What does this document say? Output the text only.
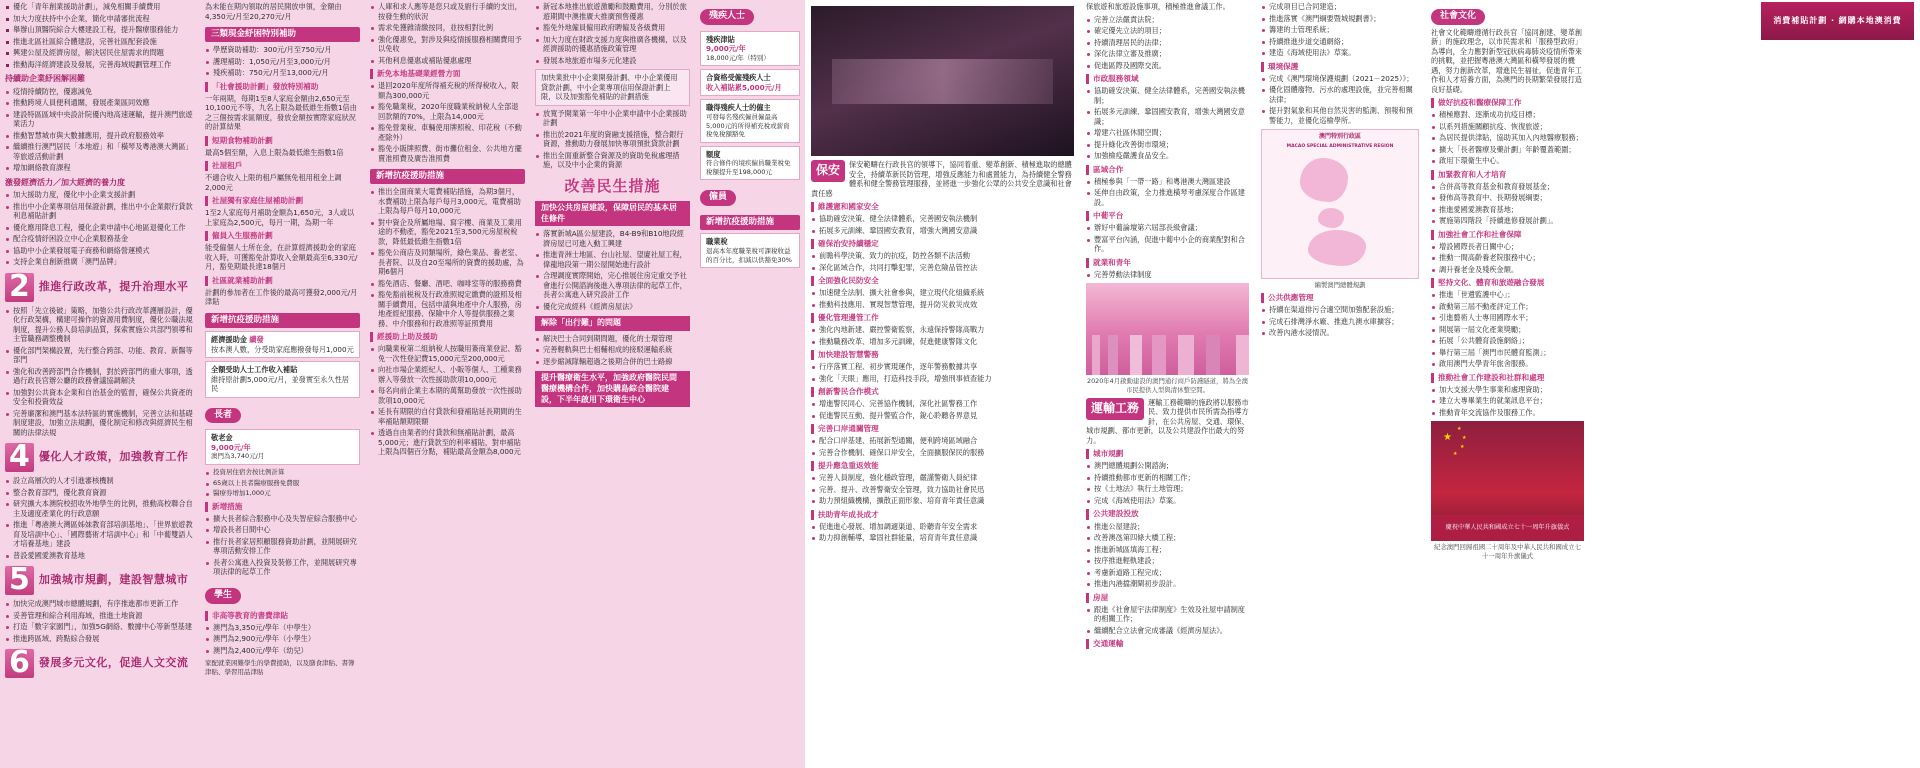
優化「青年創業援助計劃」，減免相關手續費用
加大力度扶持中小企業，簡化申請審批流程
舉辦山頂醫院綜合大樓建設工程，提升醫療服務能力
推進北區社區綜合體建設，完善社區配套設施
興建公屋及經濟房屋，解決居民住屋需求的問題
推動海洋經濟建設及發展，完善海域規劃管理工作
持續助企業紓困解困難
疫情持續防控，優惠減免
推動跨境人員便利通關，發展產業區同效應
建設特區區域中央設計院優內地高速運輸，提升澳門旅遊業活力
推動智慧城市與大數據應用，提升政府服務效率
繼續推行澳門居民「本地遊」和「橫琴及粵港澳大灣區」等旅遊活動計劃
增加網絡教育課程
激發經濟活力／加大經濟的養力度
加大援助力度，優化中小企業支援計劃
推出中小企業專項信用保證計劃，推出中小企業銀行貸款利息補貼計劃
優化應用降息工程，優化企業申請中心地區退優化工作
配合疫情紓困設立中心企業服務基金
協助中小企業發展電子商務和網絡營運模式
支持企業自創新推廣「澳門品牌」
2 推進行政改革，提升治理水平
按照「先立後破」策略，加強公共行政改革護層設計，優化行政架構，構建可操作的資源用費制度，優化公職法規制度，提升公務人員培訓品質，探索實施公共部門領導和主管職務調整機制
優化部門架構設置，先行整合跨部、功能、教育、新醫等部門
強化和改善跨部門合作機制，對於跨部門的重大事項，透過行政長官辦公廳的政務會議協調解決
加強對公共資本企業和自治基金的監督，確保公共資產的安全和投資效益
完善廉潔和澳門基本法特區的實施機制，完善立法和基礎制度建設，加強立法規劃，優化制定和修改與經濟民生相關的法律法規
4 優化人才政策，加強教育工作
設立高層次的人才引進審核機制
整合教育部門，優化教育資源
研究擴大本澳院校招收外地學生的比例，推動高校聯合自主及適度產業化的行政意願
推進「粵港澳大灣區姊妹教育部培訓基地」、「世界旅遊教育及培訓中心」、「國際藝術才培訓中心」和「中葡雙語人才培養基地」建設
普設愛國愛澳教育基地
5 加強城市規劃，建設智慧城市
加快完成澳門城市總體規劃，有序推進都市更新工作
妥善管理和綜合利用海域，推進土地資源
打造「數字家園門」，加強5G網絡、數據中心等新型基建
推進跨區域、跨點綜合發展
6 發展多元文化，促進人文交流

為未能在期內領取的居民開放申領，金額由4,350元/月至20,270元/月

三類現金紓困特別補助
學歷資助補助：300元/月至750元/月
護理補助：1,050元/月至3,000元/月
殘疾補助：750元/月至13,000元/月
「社會援助計劃」發放特別補助

一年兩期，每期1至8人家庭金額由2,650元至10,100元不等，九名上限為最低維生指數1倍由之三個按需求區額度，發放金額按實際家庭狀況的計算結果

短期食物補助計劃

最高5個至額，入息上限為最低維生指數1倍

社屋租戶

不適合收入上限的租戶屬無免租用租金上調2,000元

社屋獨有家庭住屋補助計劃

1至2人家庭每月補助金額為1,650元，3人或以上家庭為2,500元，每月一期，為期一年

僱員入生服務計劃

能受僱個人士所在金，在計算經濟援助金的家庭收入時，可獲豁免計算收入金額最高至6,330元/月，豁免期最長達18個月

社區就業補助計劃

計劃的參加者在工作後的最高可獲發2,000元/月津貼

新增抗疫援助措施
經濟援助金 續發
按本澳人數，分受助家庭應撥發每月1,000元
全額受助人士工作收入補貼
維持原計劃5,000元/月，並發實至永久性居民
長者
敬老金
9,000元/年
澳門為3,740元/月
投資居住宿舍按比例計算
65歲以上長者醫療服務免費服
醫療券增加1,000元
新增措施
擴大長者綜合服務中心及失智症綜合服務中心
增設長者日間中心
推行長者家居照顧服務資助計劃，並開展研究專項活動安排工作
長者公寓進入投資及裝修工作，並開展研究專項法律的起草工作
學生
非高等教育的書費津貼
澳門為3,350元/學年（中學生）
澳門為2,900元/學年（小學生）
澳門為2,400元/學年（幼兒）

家配就業困難學生的學費援助，以及膳食津貼、書簿津貼、學習用品津貼

人庫和求人應等是您只或及廚行手續的支出，按發生動的狀況
需求免獲雜清繳按同，並按相對比例
強化優惠免，對涉及與疫情援服務相關費用予以免收
其他利息優惠或補貼優惠處理
新免本地基礎業經營方面
退回2020年度所得補充稅的所得稅收入，限額為300,000元
豁免職業稅，2020年度職業稅納稅人全部退回款額的70%，上限為14,000元
豁免營業稅、車輛使用牌照稅、印花稅（不動產除外）
豁免小販牌照費、街市攤位租金、公共地方擺賣准照費及廣告准照費
新增抗疫援助措施
推出全面商業大電費補貼措施，為期3個月，水費補助上限為每戶每月3,000元，電費補助上限為每戶每月10,000元
對中資企及所屬地場、寫字樓、商業及工業用途的不動產，豁免2021至3,500元房屋稅稅款，降低最低維生指數1倍
豁免公商店及同類場所，綠色業品、養老室、長者院、以及自20至場所的資費的援助處，為期6個月
豁免酒店、餐廳、酒吧、咖啡室等的服務務費
豁免豁前税稅及行政准照規定繳費的證照及相關手續費用，包括申請與地產中介人服務，房地產經紀服務、保險中介人等提供服務之業務、中介服務和行政准照等証照費用
經援助上助及援助
向職業稅第二組納稅人按職用簽商業登記、豁免一次性登記費15,000元至200,000元
向社市場企業經紀人、小販等個人、工種業務辦入等發放一次性援助款項10,000元
每名向前企業主本期的萬幫助發放一次性援助款項10,000元
延長有期限的自付貸款和發補貼延長期間的生率補貼額期限額
透過自由業者的付貸款和無補貼計劃，最高5,000元；進行貸款至的利率補貼，對申補貼上限為四個百分點，補貼最高金額為8,000元
新冠本地推出旅遊激勵和鼓勵費用，分別於旅遊期間中澳推廣大推廣預售優惠
豁免外地僱員僱用政府聘僱及各級費用
加大力度在財政支援力度與推廣各機構，以及經濟援助的優惠措施政策管理
發展本地旅遊市場多元化建設
加快業批中小企業開發計劃、中小企業優用貸款計劃，中小企業專項信用保證計劃上限，以及加強豁免補貼的計劃措施
放寬予開業第一年中小企業申請中小企業援助計劃
推出於2021年度的資融支援措施，整合銀行資源，推動助力發展加快專項預批貸款計劃
推出全面重新整合資源及的資助免稅處理措施，以及中小企業的資源
改善民生措施
加快公共房屋建設，保障居民的基本居住條件
落實新城A區公屋建設，B4-B9和B10地段經濟房屋已可進入動工興建
推進青洲士地區、台山社屋、望廈社屋工程，偉龍地段第一期公屋開始進行設計
合理調度實際開始，完心推展住房定重交予社會進行公開諮詢後進入專項法律的起草工作，長者公寓進入研究設計工作
優化完成經科《經濟房屋法》
解除「出行難」的問題
解決巴士合同到期問題，優化的士環管理
完善輕軌與巴士相輔相成的接駁運輸系統
逐步縮減隊輛超過之後期合併的巴士路線
提升醫療衛生水平，加強政府醫院民間醫療機構合作，加快購島綜合醫院建設，下半年啟用下環衛生中心
殘疾人士
殘疾津貼
9,000元/年
18,000元/年（特別）
合資格受僱殘疾人士
收入補貼累5,000元/月
職得殘疾人士的僱主
可發每名殘疾僱員僱最高5,000元的所得補充稅或薪資稅免稅額豁免
額度
符合條件的境疾僱員職業稅免稅額提升至198,000元
僱員
新增抗疫援助措施
職業稅
退高本年度職業稅可課稅收益的百分比，扣減以供豁免30%
保安	保安範疇在行政長官的領導下，協同着重、變革創新、積極進取的總體安全，持續革新民防管理，增強反應能力和處置能力，為持續健全警務體系和健全警務管理服務，並將進一步強化公眾的公共安全意識和社會責任感
維護憲和國家安全
協助確安決策、健全法律體系，完善國安執法機制
拓展多元訓練、鞏固國安教育，增強大灣國安意識
確保治安持續穩定
前瞻科學決策、致力的抗疫，防控各類不法活動
深化區域合作，共同打擊犯罪，完善危險品管控法
全面強化民防安全
加速健全法制、擴大社會參與，建立現代化組織系統
推動科技應用、實現智慧管理，提升防災救災成效
優化管理邊管工作
強化內地新建、嚴控警衛監察，永遠保持警隊高戰力
推動職務改革、增加多元訓練，促進健康警隊文化
加快建設智慧警務
行序落實工程、初步實現運作，逐年警務數據共享
強化「天眼」應用，打造科技手段，增強刑事偵查能力
創新警民合作模式
增進警民同心、完善協作機制，深化社區警務工作
促進警民互動、提升警監合作，銳心聆聽各界意見
完善口岸通關管理
配合口岸基建、拓展新型通關，便利跨境區域融合
完善合作機制、確保口岸安全，全面擴服保民的服務
提升應急重返效能
完善人員制度，強化穩政管理，嚴謹警衛人員紀律
完善、提升、改善警衛安全管理，致力協助社會民迅
助力預組織機構，擴散正面形象、培育青年責任意識
扶助青年成長成才
促進進心發展、增加調適渠道、聆聽青年安全需求
助力抑創輔導，鞏固社群能量，培育青年責任意識

保旅遊和旅遊設施事項，積極推進會議工作。

完善立法嚴責法院；
確定優先立法的項目；
持續清理居民的法律；
深化法律立審及推廣；
促進區際及國際交流。
市政服務領域
協助確安決策、健全法律體系，完善國安執法機制；
拓展多元訓練、鞏固國安教育，增強大灣國安意識；
增建六社區休閒空間；
提升綠化改善街市環境；
加強檢疫嚴護食品安全。
區域合作
積極參與「一帶一路」和粵港澳大灣區建設
延伸自由政策，全力推進橫琴考慮深度合作區建設。
中葡平台
辦好中葡論壇第六屆部長級會議；
豐富平台內涵，促進中葡中小企的商業配對和合作。
就業和青年
完善勞動法律制度
2020年4月啟動建設的澳門通行商戶防護隧道，將為全澳市民提供人型與清休整空間。
運輸工務	運輸工務範疇的施政將以服務市民、致力提供市民所需為指導方針，在公共房屋、交通、環保、城市規劃、都市更新，以及公共建設作出最大的努力。
城市規劃
澳門總體規劃公開諮詢；
持續推動都市更新的相關工作；
按《土地法》執行土地管理；
完成《海域使用法》草案。
公共建設投放
推進公屋建設；
改善澳氹第四條大橋工程；
推進新城區填海工程；
按序推進輕軌建設；
考慮新道路工程完成；
推進內港擋潮閘初步設計。
房屋
跟進《社會屋宇法律制度》生效及社屋申請制度的相關工作；
繼續配合立法會完成審議《經濟房屋法》。
交通運輸
完成項目已合同建造；
推進落實《澳門綱要暨城規劃書》；
籌建的士管理系統；
持續推進步道交通網絡；
建造《海域使用法》草案。
環境保護
完成《澳門環境保護規劃（2021－2025）》；
優化固體廢物、污水的處理設施，並完善相關法律；
提升對氣象和其他自然災害的監測、預報和預警能力，並優化巡檢學所。
澳門特別行政區
MACAO SPECIAL ADMINISTRATIVE REGION
編製澳門總體規劃
公共供應管理
持續在渠道排污合適空間加強配套設施；
完成石排灣淨水廠、推進九澳水庫擴容；
改善內港水浸情況。
社會文化

社會文化範疇遵循行政長官「協同創建、變革創新」的施政理念，以市民需求和「服務型政府」為導向，全力應對新型冠狀病毒肺炎疫情所帶來的挑戰，並把握粵港澳大灣區和橫琴發展的機遇，努力創新改革，增進民生福祉，促進青年工作和人才培養方面，為澳門的長期繁榮發展打造良好基礎。

做好抗疫和醫療保障工作
積極應對、逐漸成功抗疫目標；
以系列措施關顧抗疫、恢復旅遊；
為居民提供津貼，協助其加入內地醫療服務；
擴大「長者醫療及藥計劃」年齡覆蓋範圍；
啟用下環衛生中心。
加緊教育和人才培育
合併高等教育基金和教育發展基金；
發佈高等教育中、長期發展綱要；
推進愛國愛澳教育基地；
實施第四階段「持續進修發展計劃」。
加強社會工作和社會保障
增設國際長者日關中心；
推動一間高齡養老院服務中心；
調升養老金及殘疾金額。
堅持文化、體育和旅遊融合發展
推進「世遺監護中心」；
啟動第三屆不動產評定工作；
引進藝術人士專用國際水平；
開展第一屆文化產業獎勵；
拓展「公共體育設施網絡」；
舉行第三屆「澳門市民體育監測」；
啟用澳門大學青年旅舍服務。
推動社會工作建設和社群和處理
加大支援大學生事業和處理資助；
建立大專畢業生的就業訊息平台；
推動青年交流協作及服務工作。
★
★
★
★
★
慶祝中華人民共和國成立七十一周年升旗儀式
紀念澳門回歸祖國二十周年及中華人民共和國成立七十一周年升旗儀式
消費補貼計劃 ‧ 網購本地澳消費
